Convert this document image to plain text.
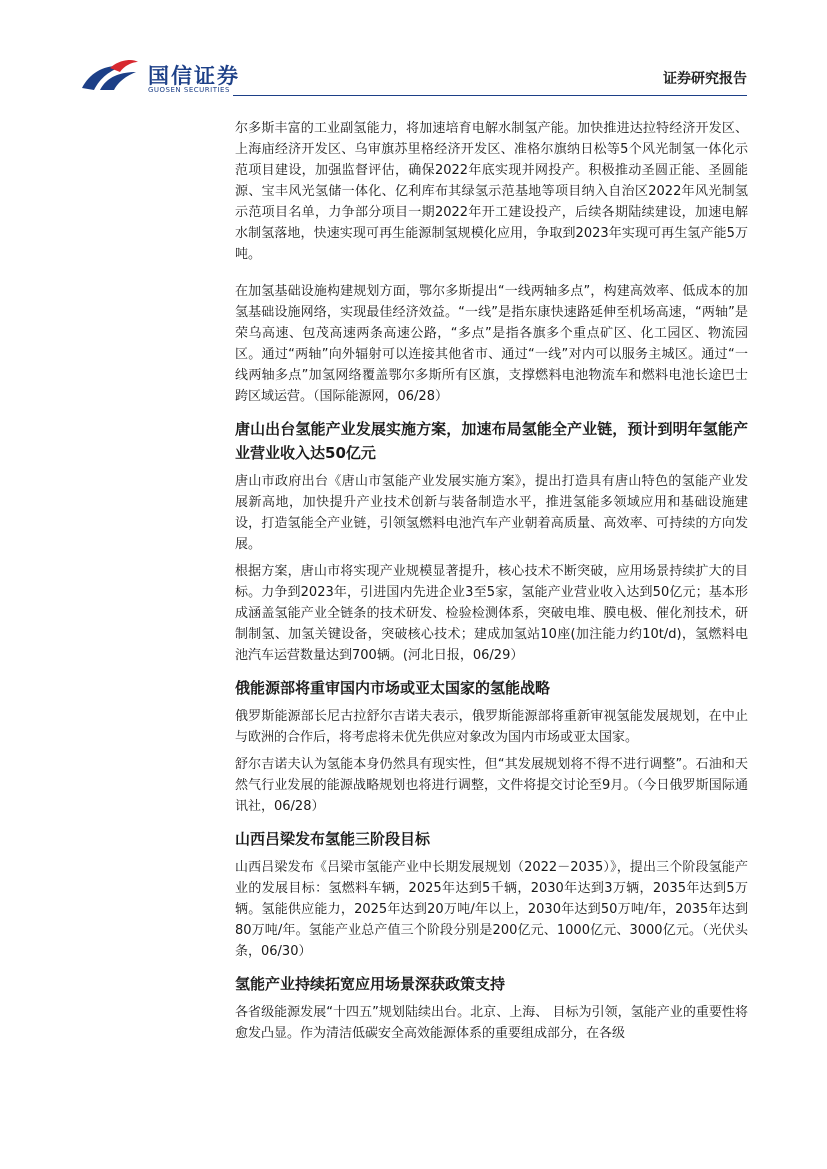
国信证券
GUOSEN SECURITIES
证券研究报告

尔多斯丰富的工业副氢能力，将加速培育电解水制氢产能。加快推进达拉特经济开发区、上海庙经济开发区、乌审旗苏里格经济开发区、准格尔旗纳日松等5个风光制氢一体化示范项目建设，加强监督评估，确保2022年底实现并网投产。积极推动圣圆正能、圣圆能源、宝丰风光氢储一体化、亿利库布其绿氢示范基地等项目纳入自治区2022年风光制氢示范项目名单，力争部分项目一期2022年开工建设投产，后续各期陆续建设，加速电解水制氢落地，快速实现可再生能源制氢规模化应用，争取到2023年实现可再生氢产能5万吨。

在加氢基础设施构建规划方面，鄂尔多斯提出“一线两轴多点”，构建高效率、低成本的加氢基础设施网络，实现最佳经济效益。“一线”是指东康快速路延伸至机场高速，“两轴”是荣乌高速、包茂高速两条高速公路，“多点”是指各旗多个重点矿区、化工园区、物流园区。通过“两轴”向外辐射可以连接其他省市、通过“一线”对内可以服务主城区。通过“一线两轴多点”加氢网络覆盖鄂尔多斯所有区旗，支撑燃料电池物流车和燃料电池长途巴士跨区域运营。（国际能源网，06/28）

唐山出台氢能产业发展实施方案，加速布局氢能全产业链，预计到明年氢能产业营业收入达50亿元

唐山市政府出台《唐山市氢能产业发展实施方案》，提出打造具有唐山特色的氢能产业发展新高地，加快提升产业技术创新与装备制造水平，推进氢能多领域应用和基础设施建设，打造氢能全产业链，引领氢燃料电池汽车产业朝着高质量、高效率、可持续的方向发展。

根据方案，唐山市将实现产业规模显著提升，核心技术不断突破，应用场景持续扩大的目标。力争到2023年，引进国内先进企业3至5家，氢能产业营业收入达到50亿元；基本形成涵盖氢能产业全链条的技术研发、检验检测体系，突破电堆、膜电极、催化剂技术，研制制氢、加氢关键设备，突破核心技术；建成加氢站10座(加注能力约10t/d)，氢燃料电池汽车运营数量达到700辆。(河北日报，06/29）

俄能源部将重审国内市场或亚太国家的氢能战略

俄罗斯能源部长尼古拉舒尔吉诺夫表示，俄罗斯能源部将重新审视氢能发展规划，在中止与欧洲的合作后，将考虑将未优先供应对象改为国内市场或亚太国家。

舒尔吉诺夫认为氢能本身仍然具有现实性，但“其发展规划将不得不进行调整”。石油和天然气行业发展的能源战略规划也将进行调整，文件将提交讨论至9月。（今日俄罗斯国际通讯社，06/28）

山西吕梁发布氢能三阶段目标

山西吕梁发布《吕梁市氢能产业中长期发展规划（2022－2035）》，提出三个阶段氢能产业的发展目标：氢燃料车辆，2025年达到5千辆，2030年达到3万辆，2035年达到5万辆。氢能供应能力，2025年达到20万吨/年以上，2030年达到50万吨/年，2035年达到80万吨/年。氢能产业总产值三个阶段分别是200亿元、1000亿元、3000亿元。（光伏头条，06/30）

氢能产业持续拓宽应用场景深获政策支持

各省级能源发展“十四五”规划陆续出台。北京、上海、 目标为引领，氢能产业的重要性将愈发凸显。作为清洁低碳安全高效能源体系的重要组成部分，在各级
